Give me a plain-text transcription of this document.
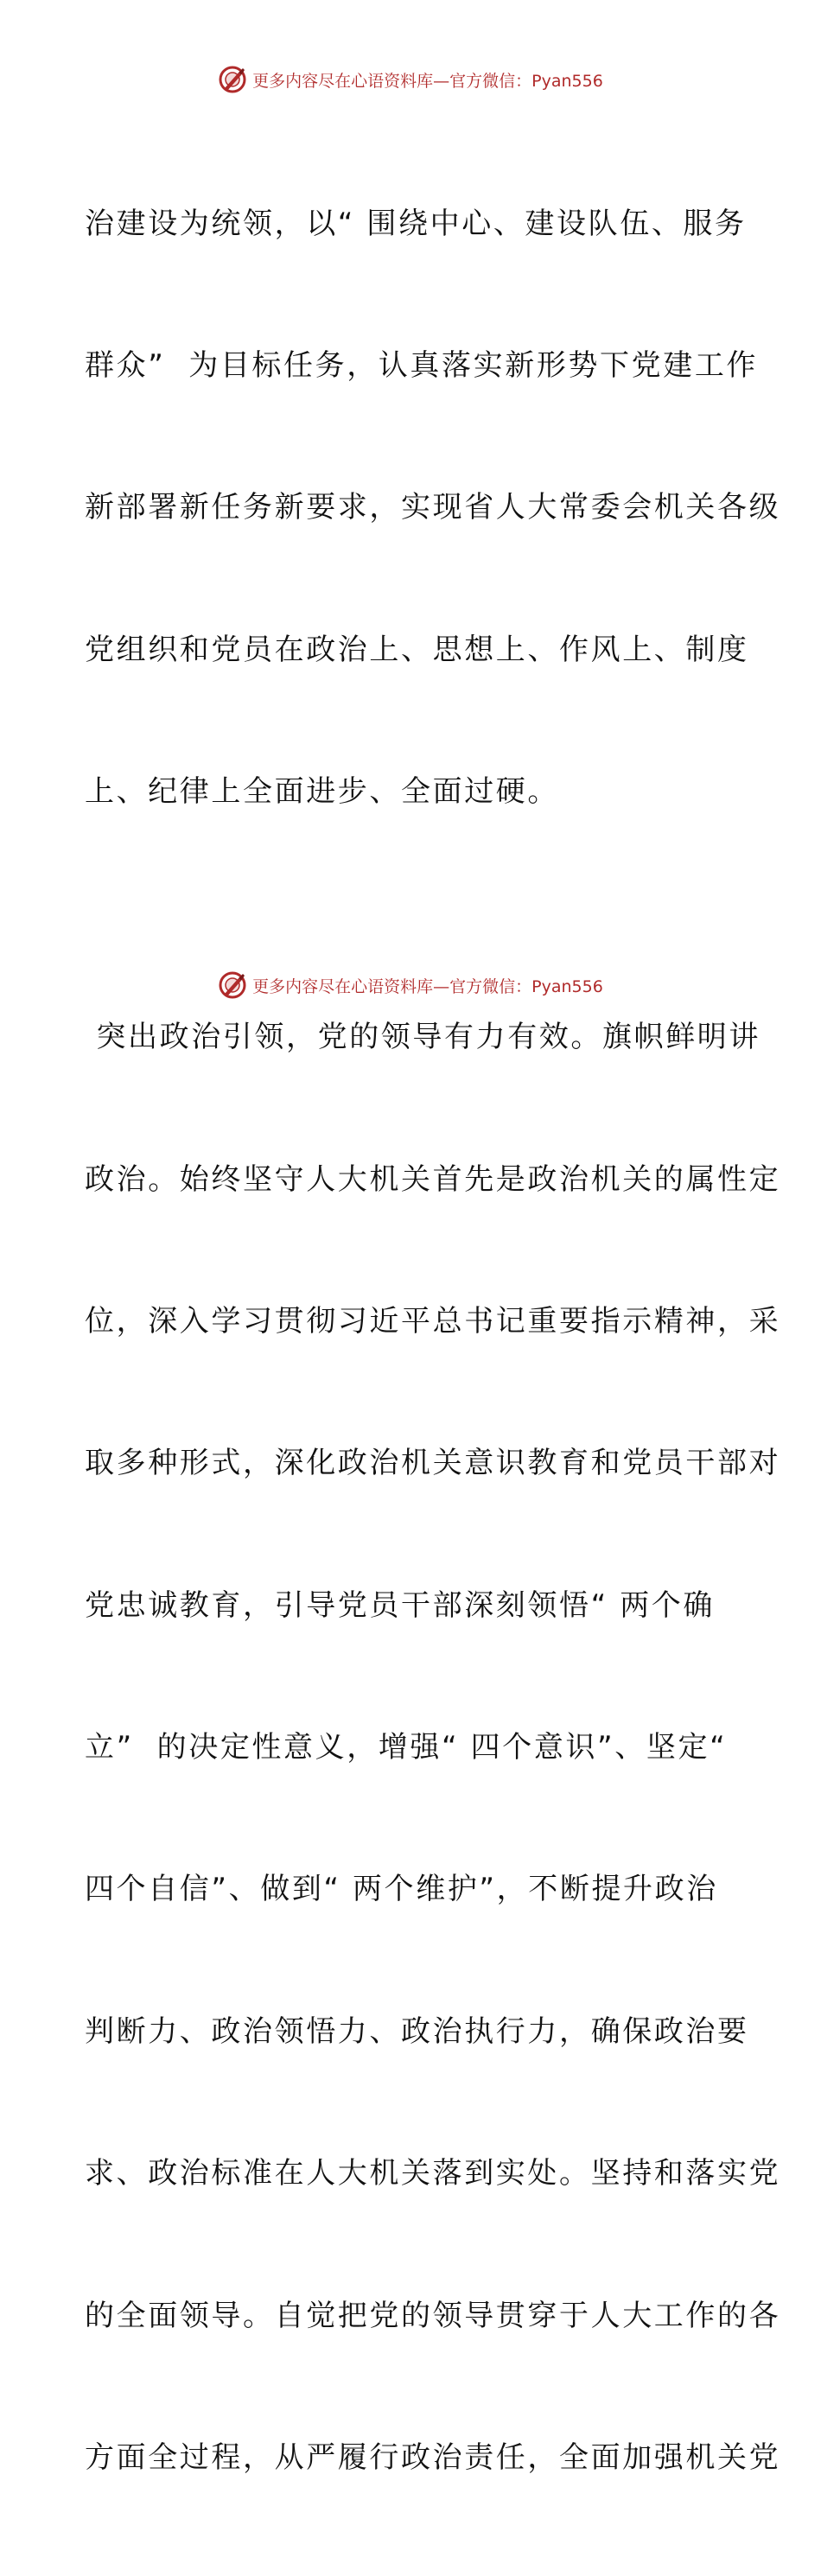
更多内容尽在心语资料库—官方微信：Pyan556

治建设为统领，以“ 围绕中心、建设队伍、服务

群众”  为目标任务，认真落实新形势下党建工作

新部署新任务新要求，实现省人大常委会机关各级

党组织和党员在政治上、思想上、作风上、制度

上、纪律上全面进步、全面过硬。

突出政治引领，党的领导有力有效。旗帜鲜明讲

政治。始终坚守人大机关首先是政治机关的属性定

位，深入学习贯彻习近平总书记重要指示精神，采

取多种形式，深化政治机关意识教育和党员干部对

党忠诚教育，引导党员干部深刻领悟“ 两个确

立”  的决定性意义，增强“ 四个意识”、坚定“

四个自信”、做到“ 两个维护”，不断提升政治

判断力、政治领悟力、政治执行力，确保政治要

求、政治标准在人大机关落到实处。坚持和落实党

的全面领导。自觉把党的领导贯穿于人大工作的各

方面全过程，从严履行政治责任，全面加强机关党

更多内容尽在心语资料库—官方微信：Pyan556
